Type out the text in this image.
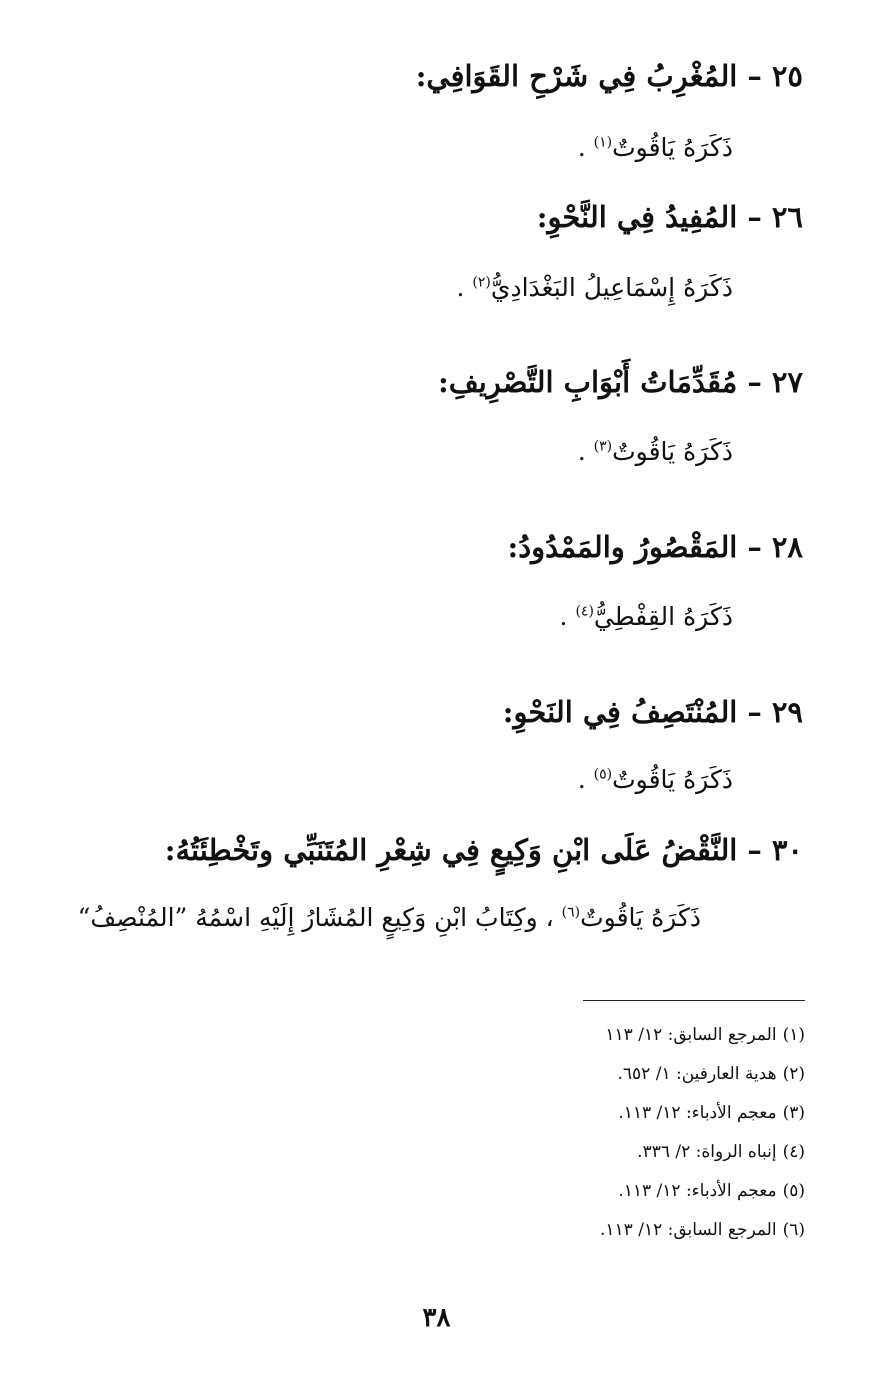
٢٥–المُغْرِبُ فِي شَرْحِ القَوَافِي:
ذَكَرَهُ يَاقُوتٌ$^{(١)}$ .
٢٦–المُفِيدُ فِي النَّحْوِ:
ذَكَرَهُ إِسْمَاعِيلُ البَغْدَادِيُّ$^{(٢)}$ .
٢٧–مُقَدِّمَاتُ أَبْوَابِ التَّصْرِيفِ:
ذَكَرَهُ يَاقُوتٌ$^{(٣)}$ .
٢٨–المَقْصُورُ والمَمْدُودُ:
ذَكَرَهُ القِفْطِيُّ$^{(٤)}$ .
٢٩–المُنْتَصِفُ فِي النَحْوِ:
ذَكَرَهُ يَاقُوتٌ$^{(٥)}$ .
٣٠–النَّقْضُ عَلَى ابْنِ وَكِيعٍ فِي شِعْرِ المُتَنَبِّي وتَخْطِئَتُهُ:
ذَكَرَهُ يَاقُوتٌ$^{(٦)}$ ، وكِتَابُ ابْنِ وَكِيعٍ المُشَارُ إِلَيْهِ اسْمُهُ ”المُنْصِفُ“
(١)المرجع السابق: ١٢/ ١١٣
(٢)هدية العارفين: ١/ ٦٥٢.
(٣)معجم الأدباء: ١٢/ ١١٣.
(٤)إنباه الرواة: ٢/ ٣٣٦.
(٥)معجم الأدباء: ١٢/ ١١٣.
(٦)المرجع السابق: ١٢/ ١١٣.
٣٨
